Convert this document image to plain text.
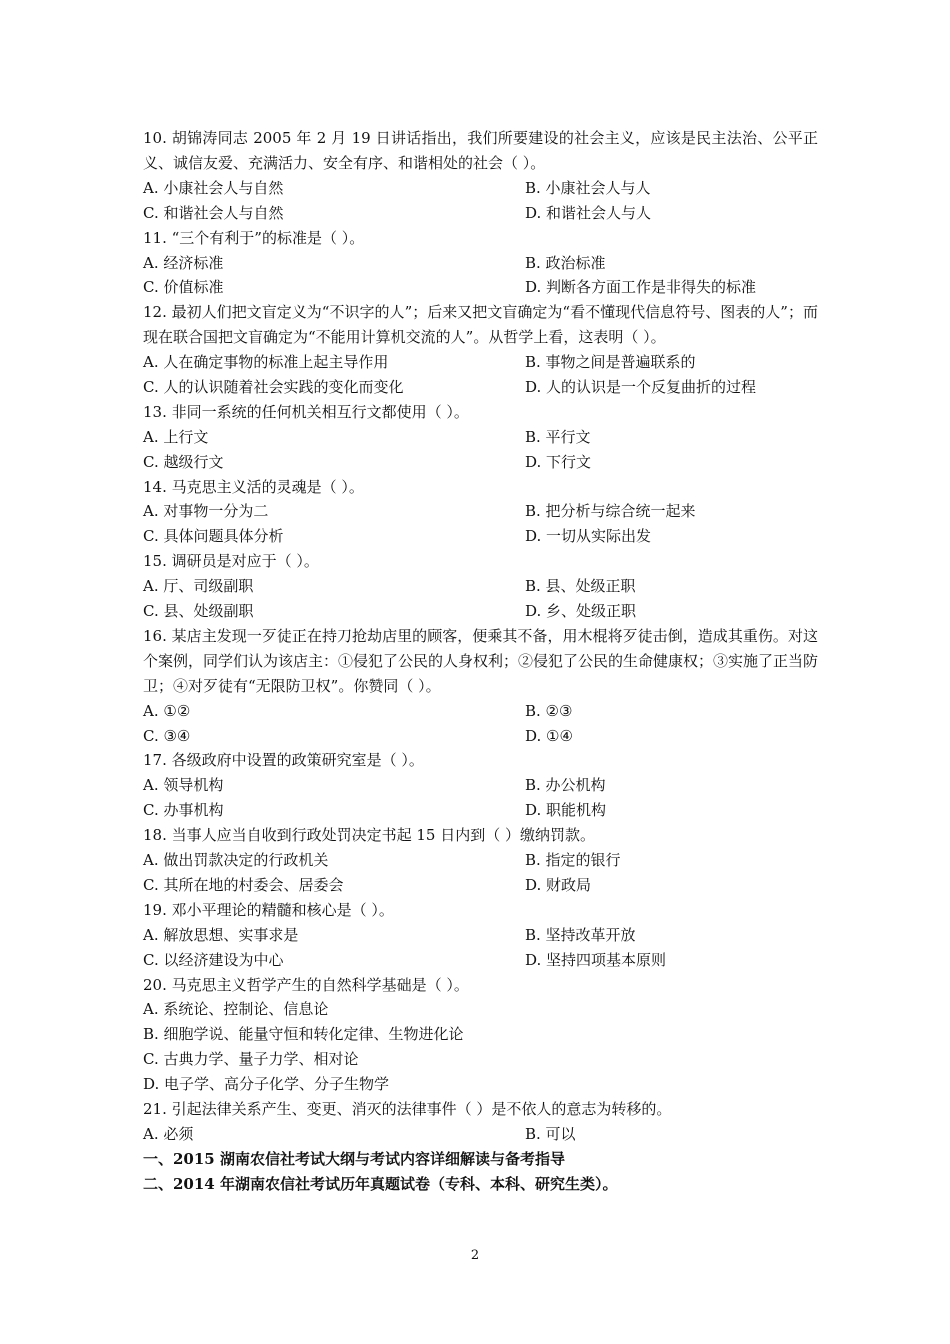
10. 胡锦涛同志 2005 年 2 月 19 日讲话指出，我们所要建设的社会主义，应该是民主法治、公平正义、诚信友爱、充满活力、安全有序、和谐相处的社会（ ）。
A. 小康社会人与自然	B. 小康社会人与人
C. 和谐社会人与自然	D. 和谐社会人与人
11. “三个有利于”的标准是（ ）。
A. 经济标准	B. 政治标准
C. 价值标准	D. 判断各方面工作是非得失的标准
12. 最初人们把文盲定义为“不识字的人”；后来又把文盲确定为“看不懂现代信息符号、图表的人”；而现在联合国把文盲确定为“不能用计算机交流的人”。从哲学上看，这表明（ ）。
A. 人在确定事物的标准上起主导作用	B. 事物之间是普遍联系的
C. 人的认识随着社会实践的变化而变化	D. 人的认识是一个反复曲折的过程
13. 非同一系统的任何机关相互行文都使用（ ）。
A. 上行文	B. 平行文
C. 越级行文	D. 下行文
14. 马克思主义活的灵魂是（ ）。
A. 对事物一分为二	B. 把分析与综合统一起来
C. 具体问题具体分析	D. 一切从实际出发
15. 调研员是对应于（ ）。
A. 厅、司级副职	B. 县、处级正职
C. 县、处级副职	D. 乡、处级正职
16. 某店主发现一歹徒正在持刀抢劫店里的顾客，便乘其不备，用木棍将歹徒击倒，造成其重伤。对这个案例，同学们认为该店主：①侵犯了公民的人身权利；②侵犯了公民的生命健康权；③实施了正当防卫；④对歹徒有“无限防卫权”。你赞同（ ）。
A. ①②	B. ②③
C. ③④	D. ①④
17. 各级政府中设置的政策研究室是（ ）。
A. 领导机构	B. 办公机构
C. 办事机构	D. 职能机构
18. 当事人应当自收到行政处罚决定书起 15 日内到（ ）缴纳罚款。
A. 做出罚款决定的行政机关	B. 指定的银行
C. 其所在地的村委会、居委会	D. 财政局
19. 邓小平理论的精髓和核心是（ ）。
A. 解放思想、实事求是	B. 坚持改革开放
C. 以经济建设为中心	D. 坚持四项基本原则
20. 马克思主义哲学产生的自然科学基础是（ ）。
A. 系统论、控制论、信息论
B. 细胞学说、能量守恒和转化定律、生物进化论
C. 古典力学、量子力学、相对论
D. 电子学、高分子化学、分子生物学
21. 引起法律关系产生、变更、消灭的法律事件（ ）是不依人的意志为转移的。
A. 必须	B. 可以
一、2015 湖南农信社考试大纲与考试内容详细解读与备考指导
二、2014 年湖南农信社考试历年真题试卷（专科、本科、研究生类）。
2
